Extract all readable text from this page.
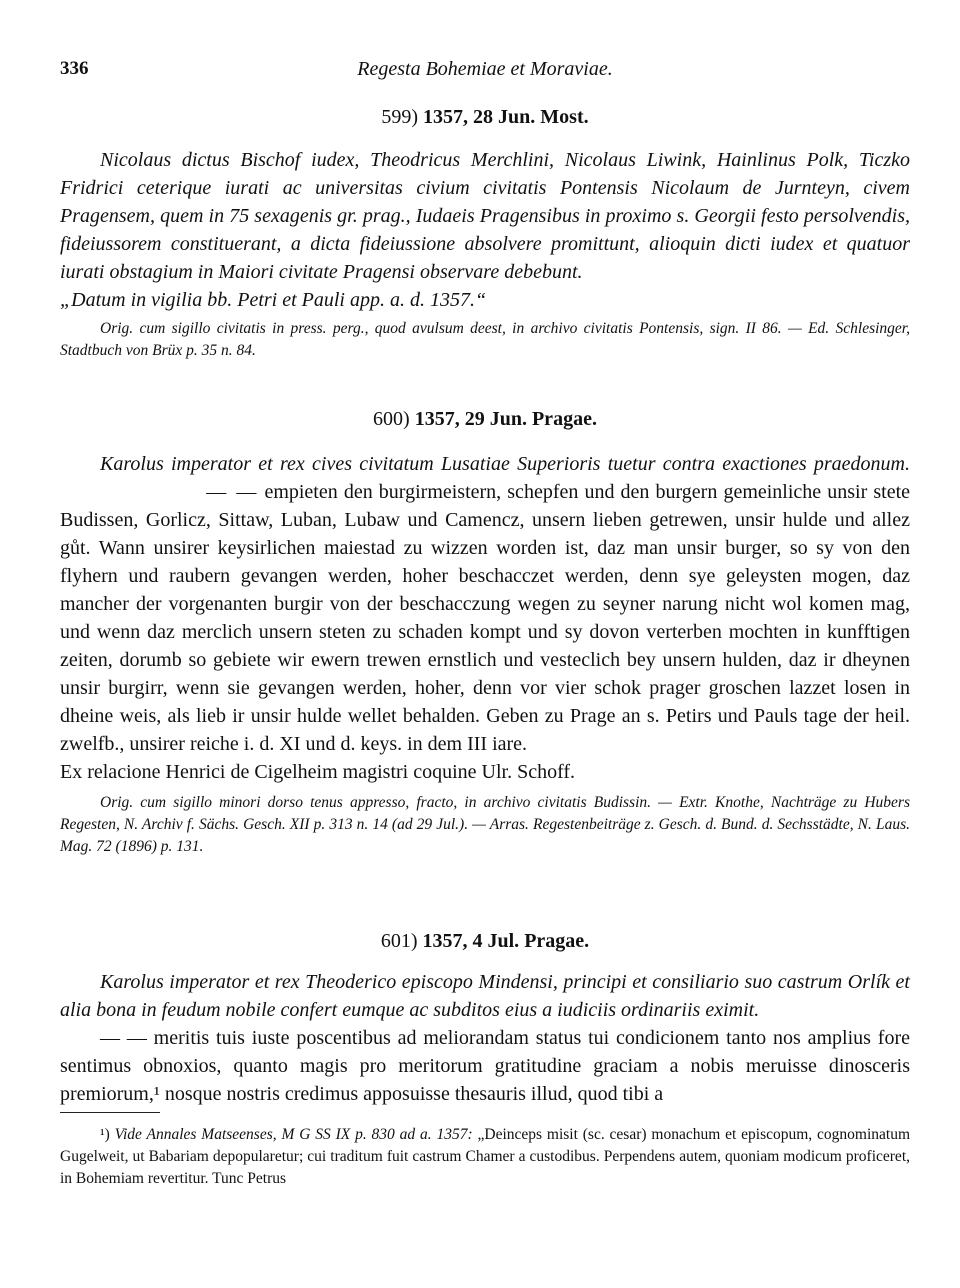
336	Regesta Bohemiae et Moraviae.
599) 1357, 28 Jun. Most.

Nicolaus dictus Bischof iudex, Theodricus Merchlini, Nicolaus Liwink, Hainlinus Polk, Ticzko Fridrici ceterique iurati ac universitas civium civitatis Pontensis Nicolaum de Jurnteyn, civem Pragensem, quem in 75 sexagenis gr. prag., Iudaeis Pragensibus in proximo s. Georgii festo persolvendis, fideiussorem constituerant, a dicta fideiussione absolvere promittunt, alioquin dicti iudex et quatuor iurati obstagium in Maiori civitate Pragensi observare debebunt.

„Datum in vigilia bb. Petri et Pauli app. a. d. 1357.“

Orig. cum sigillo civitatis in press. perg., quod avulsum deest, in archivo civitatis Pontensis, sign. II 86. — Ed. Schlesinger, Stadtbuch von Brüx p. 35 n. 84.

600) 1357, 29 Jun. Pragae.

Karolus imperator et rex cives civitatum Lusatiae Superioris tuetur contra exactiones praedonum.                         — — empieten den burgirmeistern, schepfen und den burgern gemeinliche unsir stete Budissen, Gorlicz, Sittaw, Luban, Lubaw und Camencz, unsern lieben getrewen, unsir hulde und allez gůt. Wann unsirer keysirlichen maiestad zu wizzen worden ist, daz man unsir burger, so sy von den flyhern und raubern gevangen werden, hoher beschacczet werden, denn sye geleysten mogen, daz mancher der vorgenanten burgir von der beschacczung wegen zu seyner narung nicht wol komen mag, und wenn daz merclich unsern steten zu schaden kompt und sy dovon verterben mochten in kunfftigen zeiten, dorumb so gebiete wir ewern trewen ernstlich und vesteclich bey unsern hulden, daz ir dheynen unsir burgirr, wenn sie gevangen werden, hoher, denn vor vier schok prager groschen lazzet losen in dheine weis, als lieb ir unsir hulde wellet behalden. Geben zu Prage an s. Petirs und Pauls tage der heil. zwelfb., unsirer reiche i. d. XI und d. keys. in dem III iare.

Ex relacione Henrici de Cigelheim magistri coquine Ulr. Schoff.

Orig. cum sigillo minori dorso tenus appresso, fracto, in archivo civitatis Budissin. — Extr. Knothe, Nachträge zu Hubers Regesten, N. Archiv f. Sächs. Gesch. XII p. 313 n. 14 (ad 29 Jul.). — Arras. Regestenbeiträge z. Gesch. d. Bund. d. Sechsstädte, N. Laus. Mag. 72 (1896) p. 131.

601) 1357, 4 Jul. Pragae.

Karolus imperator et rex Theoderico episcopo Mindensi, principi et consiliario suo castrum Orlík et alia bona in feudum nobile confert eumque ac subditos eius a iudiciis ordinariis eximit.

— — meritis tuis iuste poscentibus ad meliorandam status tui condicionem tanto nos amplius fore sentimus obnoxios, quanto magis pro meritorum gratitudine graciam a nobis meruisse dinosceris premiorum,¹ nosque nostris credimus apposuisse thesauris illud, quod tibi a

¹) Vide Annales Matseenses, M G SS IX p. 830 ad a. 1357: „Deinceps misit (sc. cesar) monachum et episcopum, cognominatum Gugelweit, ut Babariam depopularetur; cui traditum fuit castrum Chamer a custodibus. Perpendens autem, quoniam modicum proficeret, in Bohemiam revertitur. Tunc Petrus
